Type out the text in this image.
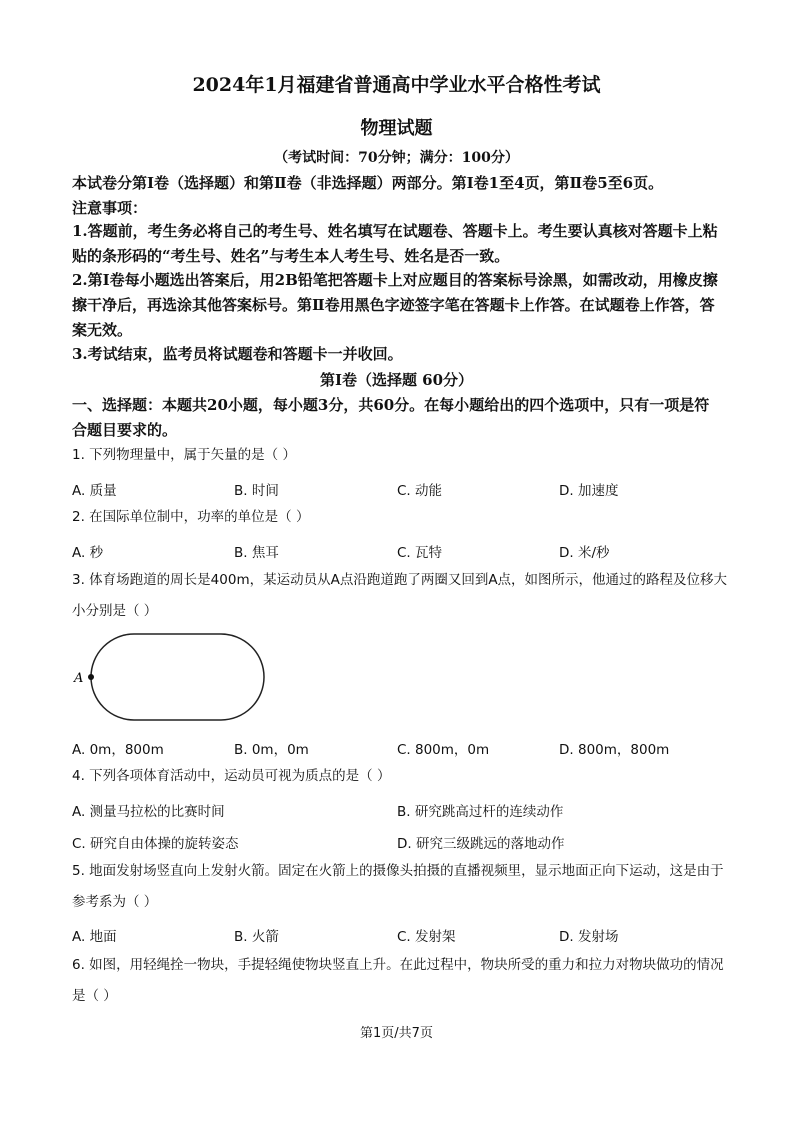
2024年1月福建省普通高中学业水平合格性考试
物理试题
（考试时间：70分钟；满分：100分）

本试卷分第Ⅰ卷（选择题）和第Ⅱ卷（非选择题）两部分。第Ⅰ卷1至4页，第Ⅱ卷5至6页。

注意事项：

1.答题前，考生务必将自己的考生号、姓名填写在试题卷、答题卡上。考生要认真核对答题卡上粘贴的条形码的“考生号、姓名”与考生本人考生号、姓名是否一致。

2.第Ⅰ卷每小题选出答案后，用2B铅笔把答题卡上对应题目的答案标号涂黑，如需改动，用橡皮擦擦干净后，再选涂其他答案标号。第Ⅱ卷用黑色字迹签字笔在答题卡上作答。在试题卷上作答，答案无效。

3.考试结束，监考员将试题卷和答题卡一并收回。

第Ⅰ卷（选择题 60分）

一、选择题：本题共20小题，每小题3分，共60分。在每小题给出的四个选项中，只有一项是符合题目要求的。

1. 下列物理量中，属于矢量的是（ ）

A. 质量	B. 时间	C. 动能	D. 加速度

2. 在国际单位制中，功率的单位是（ ）

A. 秒	B. 焦耳	C. 瓦特	D. 米/秒

3. 体育场跑道的周长是400m，某运动员从A点沿跑道跑了两圈又回到A点，如图所示，他通过的路程及位移大小分别是（ ）

A
A. 0m，800m	B. 0m，0m	C. 800m，0m	D. 800m，800m

4. 下列各项体育活动中，运动员可视为质点的是（ ）

A. 测量马拉松的比赛时间	B. 研究跳高过杆的连续动作
C. 研究自由体操的旋转姿态	D. 研究三级跳远的落地动作

5. 地面发射场竖直向上发射火箭。固定在火箭上的摄像头拍摄的直播视频里，显示地面正向下运动，这是由于参考系为（ ）

A. 地面	B. 火箭	C. 发射架	D. 发射场

6. 如图，用轻绳拴一物块，手提轻绳使物块竖直上升。在此过程中，物块所受的重力和拉力对物块做功的情况是（ ）

第1页/共7页
